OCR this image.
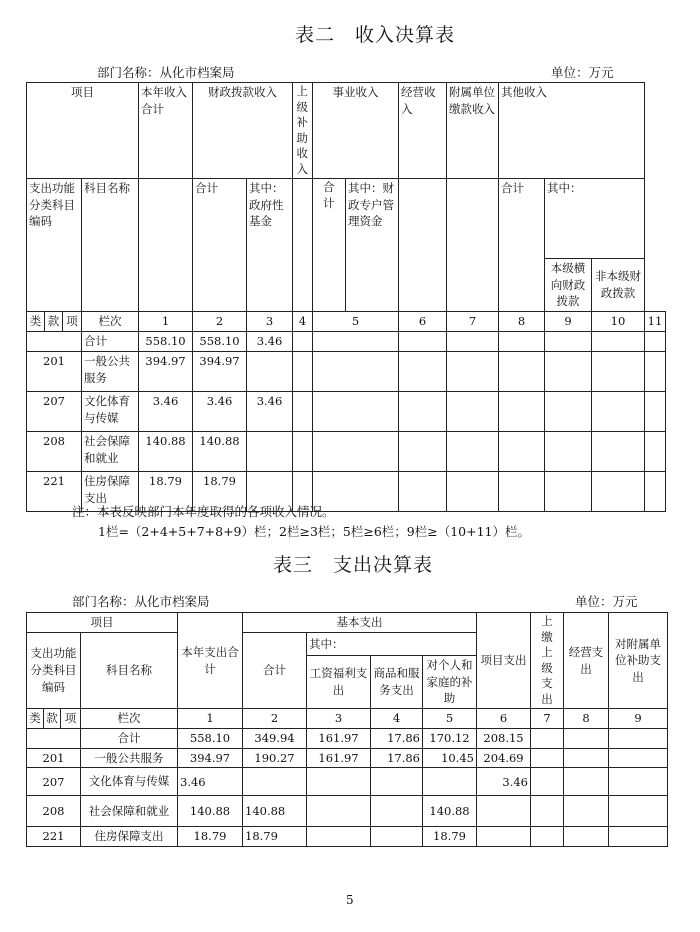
表二　收入决算表
部门名称：从化市档案局	单位：万元
项目				本年收入合计	财政拨款收入		上级补助收入	事业收入		经营收入	附属单位缴款收入	其他收入			
支出功能分类科目编码			科目名称		合计	其中：政府性基金		合计	其中：财政专户管理资金			合计	其中：		
													本级横向财政拨款	非本级财政拨款	
类	款	项	栏次	1	2	3	4	5		6	7	8	9	10	11
			合计	558.10	558.10	3.46									
201			一般公共服务	394.97	394.97										
207			文化体育与传媒	3.46	3.46	3.46									
208			社会保障和就业	140.88	140.88										
221			住房保障支出	18.79	18.79										
注：本表反映部门本年度取得的各项收入情况。
1栏=（2+4+5+7+8+9）栏；2栏≥3栏；5栏≥6栏；9栏≥（10+11）栏。
表三　支出决算表
部门名称：从化市档案局	单位：万元
项目				本年支出合计	基本支出				项目支出	上缴上级支出	经营支出	对附属单位补助支出
支出功能分类科目编码			科目名称		合计	其中：						
						工资福利支出	商品和服务支出	对个人和家庭的补助				
类	款	项	栏次	1	2	3	4	5	6	7	8	9
			合计	558.10	349.94	161.97	17.86	170.12	208.15			
201			一般公共服务	394.97	190.27	161.97	17.86	10.45	204.69			
207			文化体育与传媒	3.46					3.46			
208			社会保障和就业	140.88	140.88			140.88				
221			住房保障支出	18.79	18.79			18.79				
5
